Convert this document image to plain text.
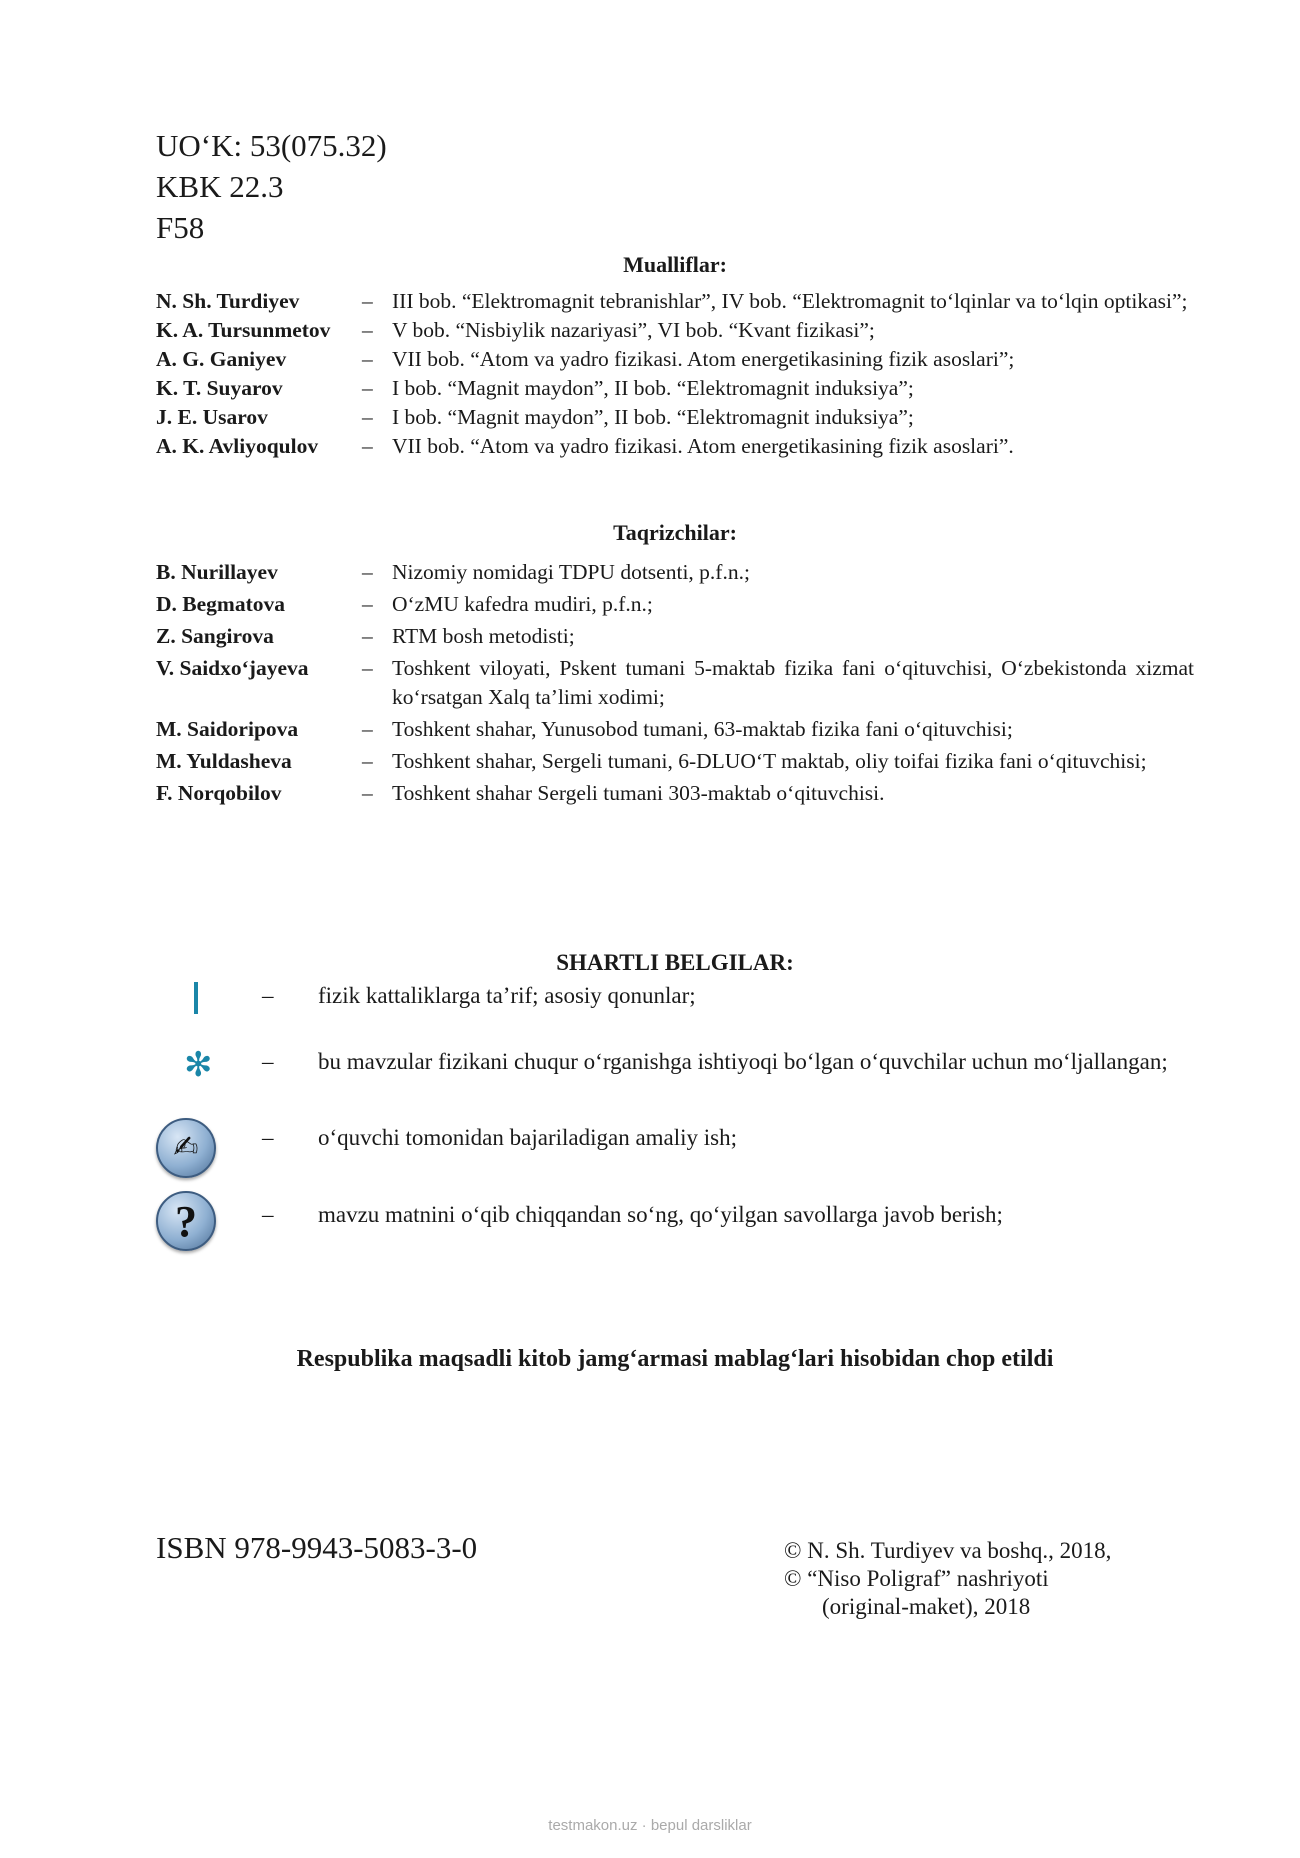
UO‘K: 53(075.32)
KBK 22.3
F58
Mualliflar:
N. Sh. Turdiyev	– III bob. “Elektromagnit tebranishlar”, IV bob. “Elektromagnit to‘lqinlar va to‘lqin optikasi”;
K. A. Tursunmetov – V bob. “Nisbiylik nazariyasi”, VI bob. “Kvant fizikasi”;
A. G. Ganiyev	– VII bob. “Atom va yadro fizikasi. Atom energetikasining fizik asoslari”;
K. T. Suyarov	– I bob. “Magnit maydon”, II bob. “Elektromagnit induksiya”;
J. E. Usarov	– I bob. “Magnit maydon”, II bob. “Elektromagnit induksiya”;
A. K. Avliyoqulov – VII bob. “Atom va yadro fizikasi. Atom energetikasining fizik asoslari”.
Taqrizchilar:
B. Nurillayev	– Nizomiy nomidagi TDPU dotsenti, p.f.n.;
D. Begmatova	– O‘zMU kafedra mudiri, p.f.n.;
Z. Sangirova	– RTM bosh metodisti;
V. Saidxo‘jayeva – Toshkent viloyati, Pskent tumani 5-maktab fizika fani o‘qituvchisi, O‘zbekistonda xizmat ko‘rsatgan Xalq ta’limi xodimi;
M. Saidoripova	– Toshkent shahar, Yunusobod tumani, 63-maktab fizika fani o‘qituvchisi;
M. Yuldasheva	– Toshkent shahar, Sergeli tumani, 6-DLUO‘T maktab, oliy toifai fizika fani o‘qituvchisi;
F. Norqobilov	– Toshkent shahar Sergeli tumani 303-maktab o‘qituvchisi.
SHARTLI BELGILAR:
– fizik kattaliklarga ta’rif; asosiy qonunlar;
✻ – bu mavzular fizikani chuqur o‘rganishga ishtiyoqi bo‘lgan o‘quvchilar uchun mo‘ljallangan;
✍	– o‘quvchi tomonidan bajariladigan amaliy ish;
?	– mavzu matnini o‘qib chiqqandan so‘ng, qo‘yilgan savollarga javob berish;
Respublika maqsadli kitob jamg‘armasi mablag‘lari hisobidan chop etildi
ISBN 978-9943-5083-3-0	© N. Sh. Turdiyev va boshq., 2018,
© “Niso Poligraf” nashriyoti
(original-maket), 2018
testmakon.uz · bepul darsliklar
